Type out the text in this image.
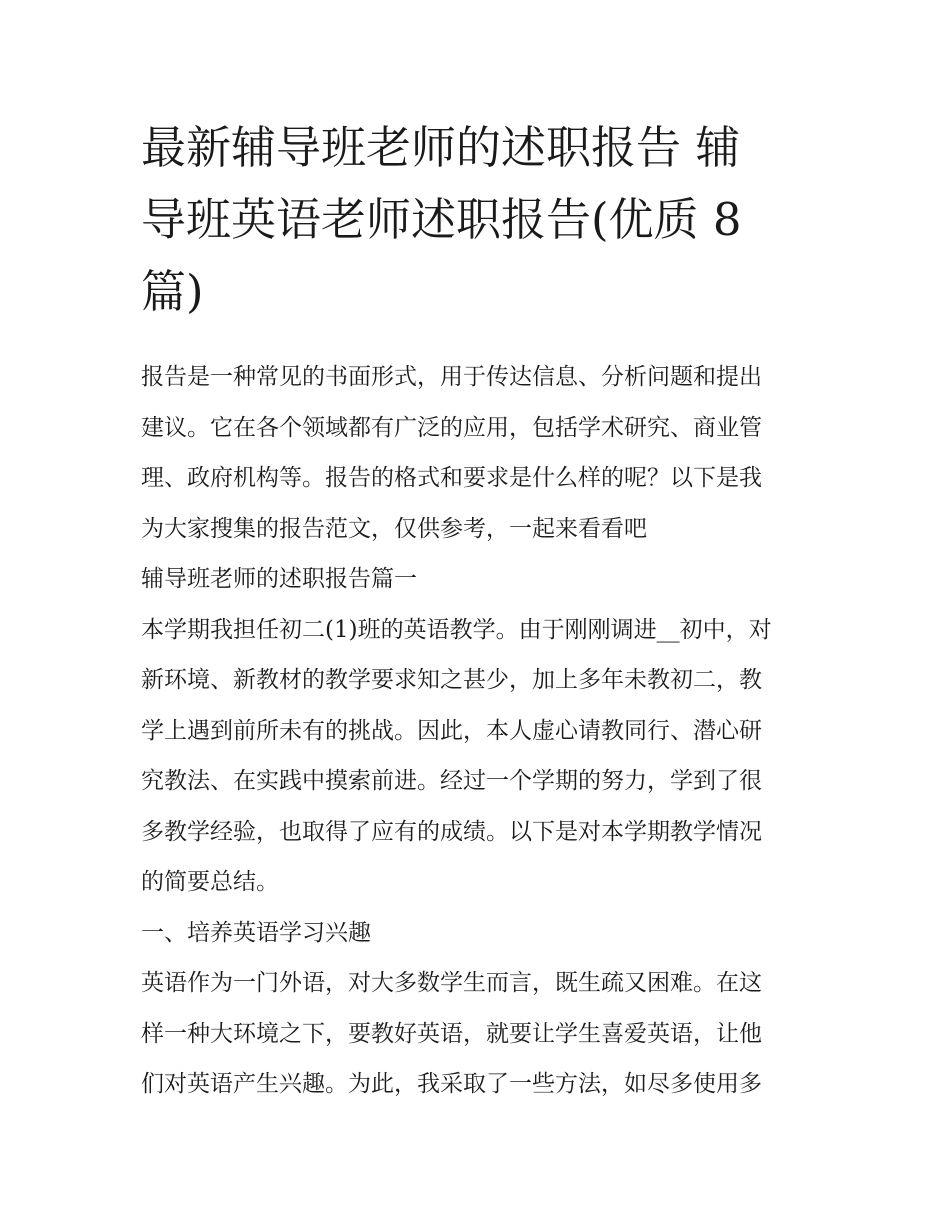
最新辅导班老师的述职报告 辅
导班英语老师述职报告(优质 8
篇)
报告是一种常见的书面形式，用于传达信息、分析问题和提出
建议。它在各个领域都有广泛的应用，包括学术研究、商业管
理、政府机构等。报告的格式和要求是什么样的呢？以下是我
为大家搜集的报告范文，仅供参考，一起来看看吧
辅导班老师的述职报告篇一
本学期我担任初二(1)班的英语教学。由于刚刚调进__初中，对
新环境、新教材的教学要求知之甚少，加上多年未教初二，教
学上遇到前所未有的挑战。因此，本人虚心请教同行、潜心研
究教法、在实践中摸索前进。经过一个学期的努力，学到了很
多教学经验，也取得了应有的成绩。以下是对本学期教学情况
的简要总结。
一、培养英语学习兴趣
英语作为一门外语，对大多数学生而言，既生疏又困难。在这
样一种大环境之下，要教好英语，就要让学生喜爱英语，让他
们对英语产生兴趣。为此，我采取了一些方法，如尽多使用多
